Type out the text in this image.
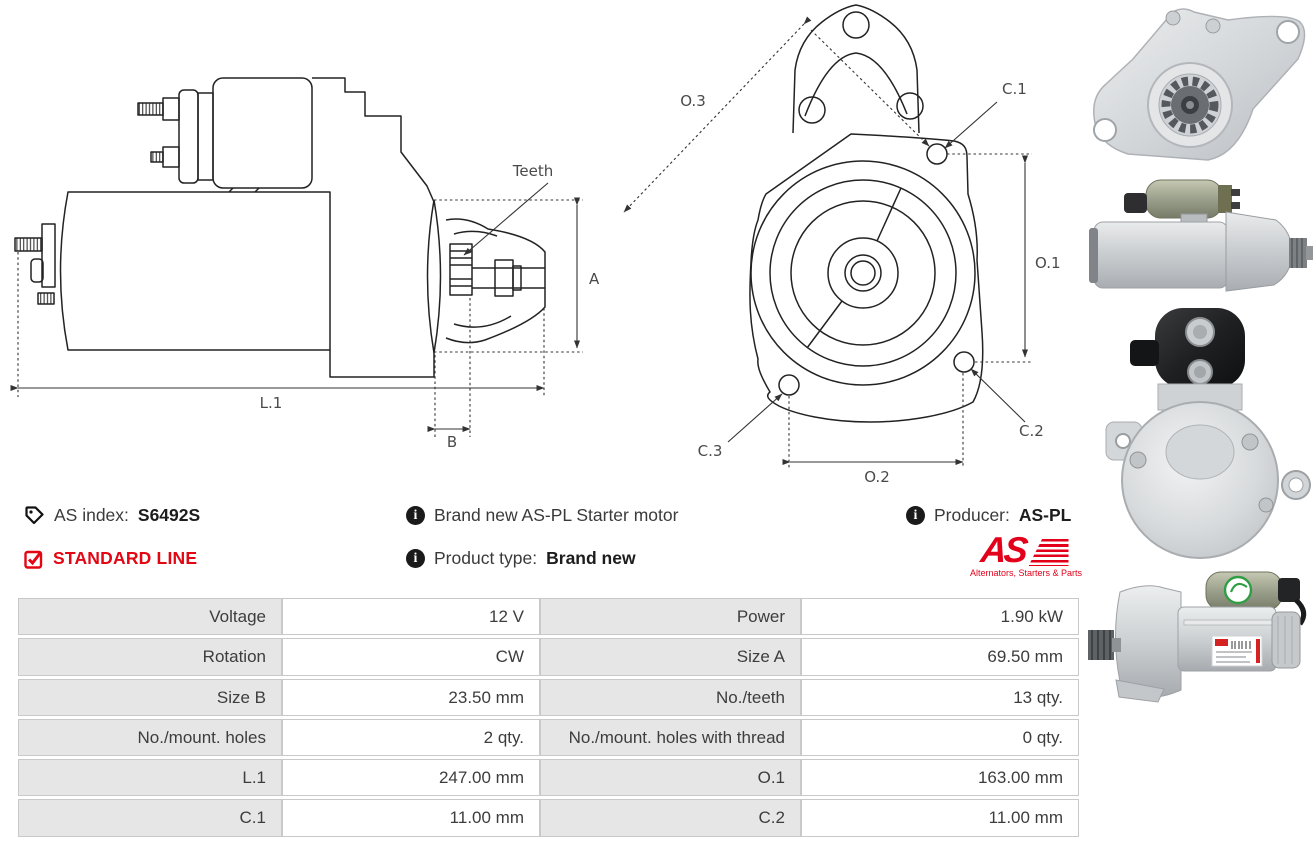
Teeth
A
L.1
B
O.3
C.1
O.1
C.2
C.3
O.2
AS index: S6492S
STANDARD LINE
i Brand new AS-PL Starter motor
i Product type: Brand new
i Producer: AS-PL
AS
Alternators, Starters & Parts
Voltage	12 V	Power	1.90 kW
Rotation	CW	Size A	69.50 mm
Size B	23.50 mm	No./teeth	13 qty.
No./mount. holes	2 qty.	No./mount. holes with thread	0 qty.
L.1	247.00 mm	O.1	163.00 mm
C.1	11.00 mm	C.2	11.00 mm
